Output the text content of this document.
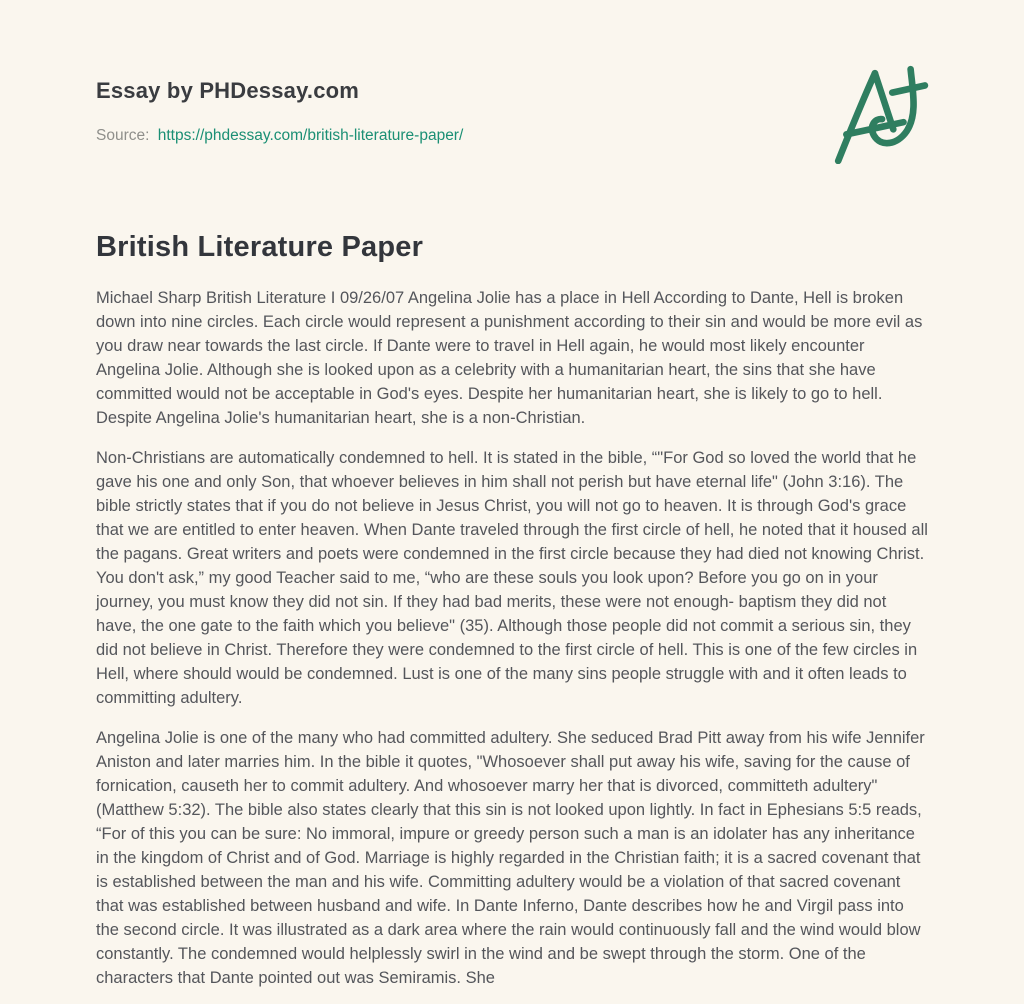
Essay by PHDessay.com
Source: https://phdessay.com/british-literature-paper/
British Literature Paper

Michael Sharp British Literature I 09/26/07 Angelina Jolie has a place in Hell According to Dante, Hell is broken down into nine circles. Each circle would represent a punishment according to their sin and would be more evil as you draw near towards the last circle. If Dante were to travel in Hell again, he would most likely encounter Angelina Jolie. Although she is looked upon as a celebrity with a humanitarian heart, the sins that she have committed would not be acceptable in God's eyes. Despite her humanitarian heart, she is likely to go to hell. Despite Angelina Jolie's humanitarian heart, she is a non-Christian.

Non-Christians are automatically condemned to hell. It is stated in the bible, “"For God so loved the world that he gave his one and only Son, that whoever believes in him shall not perish but have eternal life" (John 3:16). The bible strictly states that if you do not believe in Jesus Christ, you will not go to heaven. It is through God's grace that we are entitled to enter heaven. When Dante traveled through the first circle of hell, he noted that it housed all the pagans. Great writers and poets were condemned in the first circle because they had died not knowing Christ. You don't ask,” my good Teacher said to me, “who are these souls you look upon? Before you go on in your journey, you must know they did not sin. If they had bad merits, these were not enough- baptism they did not have, the one gate to the faith which you believe" (35). Although those people did not commit a serious sin, they did not believe in Christ. Therefore they were condemned to the first circle of hell. This is one of the few circles in Hell, where should would be condemned. Lust is one of the many sins people struggle with and it often leads to committing adultery.

Angelina Jolie is one of the many who had committed adultery. She seduced Brad Pitt away from his wife Jennifer Aniston and later marries him. In the bible it quotes, "Whosoever shall put away his wife, saving for the cause of fornication, causeth her to commit adultery. And whosoever marry her that is divorced, committeth adultery" (Matthew 5:32). The bible also states clearly that this sin is not looked upon lightly. In fact in Ephesians 5:5 reads, “For of this you can be sure: No immoral, impure or greedy person such a man is an idolater has any inheritance in the kingdom of Christ and of God. Marriage is highly regarded in the Christian faith; it is a sacred covenant that is established between the man and his wife. Committing adultery would be a violation of that sacred covenant that was established between husband and wife. In Dante Inferno, Dante describes how he and Virgil pass into the second circle. It was illustrated as a dark area where the rain would continuously fall and the wind would blow constantly. The condemned would helplessly swirl in the wind and be swept through the storm. One of the characters that Dante pointed out was Semiramis. She
